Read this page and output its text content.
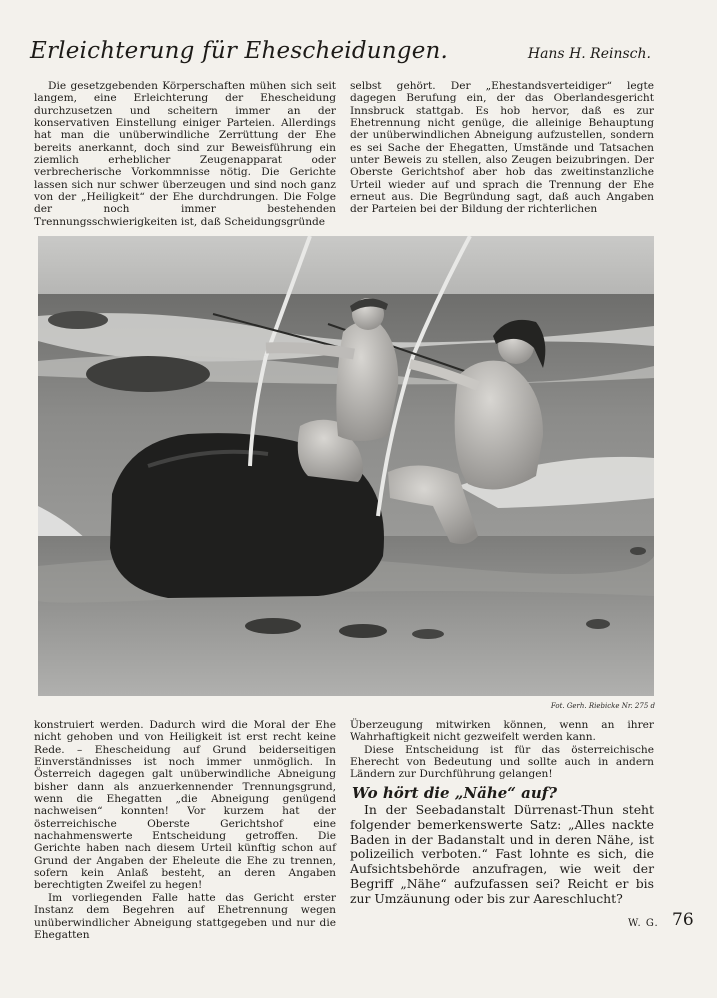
Erleichterung für Ehescheidungen.	Hans H. Reinsch.

Die gesetzgebenden Körperschaften mühen sich seit langem, eine Erleichterung der Ehescheidung durchzusetzen und scheitern immer an der konservativen Einstellung einiger Parteien. Allerdings hat man die unüberwindliche Zerrüttung der Ehe bereits anerkannt, doch sind zur Beweisführung ein ziemlich erheblicher Zeugenapparat oder verbrecherische Vorkommnisse nötig. Die Gerichte lassen sich nur schwer überzeugen und sind noch ganz von der „Heiligkeit“ der Ehe durchdrungen. Die Folge der noch immer bestehenden Trennungsschwierigkeiten ist, daß Scheidungsgründe

selbst gehört. Der „Ehestandsverteidiger“ legte dagegen Berufung ein, der das Oberlandesgericht Innsbruck stattgab. Es hob hervor, daß es zur Ehetrennung nicht genüge, die alleinige Behauptung der unüberwindlichen Abneigung aufzustellen, sondern es sei Sache der Ehegatten, Umstände und Tatsachen unter Beweis zu stellen, also Zeugen beizubringen. Der Oberste Gerichtshof aber hob das zweitinstanzliche Urteil wieder auf und sprach die Trennung der Ehe erneut aus. Die Begründung sagt, daß auch Angaben der Parteien bei der Bildung der richterlichen

Fot. Gerh. Riebicke Nr. 275 d

konstruiert werden. Dadurch wird die Moral der Ehe nicht gehoben und von Heiligkeit ist erst recht keine Rede. – Ehescheidung auf Grund beiderseitigen Einverständnisses ist noch immer unmöglich. In Österreich dagegen galt unüberwindliche Abneigung bisher dann als anzuerkennender Trennungsgrund, wenn die Ehegatten „die Abneigung genügend nachweisen“ konnten! Vor kurzem hat der österreichische Oberste Gerichtshof eine nachahmenswerte Entscheidung getroffen. Die Gerichte haben nach diesem Urteil künftig schon auf Grund der Angaben der Eheleute die Ehe zu trennen, sofern kein Anlaß besteht, an deren Angaben berechtigten Zweifel zu hegen!

Im vorliegenden Falle hatte das Gericht erster Instanz dem Begehren auf Ehetrennung wegen unüberwindlicher Abneigung stattgegeben und nur die Ehegatten

Überzeugung mitwirken können, wenn an ihrer Wahrhaftigkeit nicht gezweifelt werden kann.

Diese Entscheidung ist für das österreichische Eherecht von Bedeutung und sollte auch in andern Ländern zur Durchführung gelangen!

Wo hört die „Nähe“ auf?

In der Seebadanstalt Dürrenast-Thun steht folgender bemerkenswerte Satz: „Alles nackte Baden in der Badanstalt und in deren Nähe, ist polizeilich verboten.“ Fast lohnte es sich, die Aufsichtsbehörde anzufragen, wie weit der Begriff „Nähe“ aufzufassen sei? Reicht er bis zur Umzäunung oder bis zur Aareschlucht?

W. G. 76
